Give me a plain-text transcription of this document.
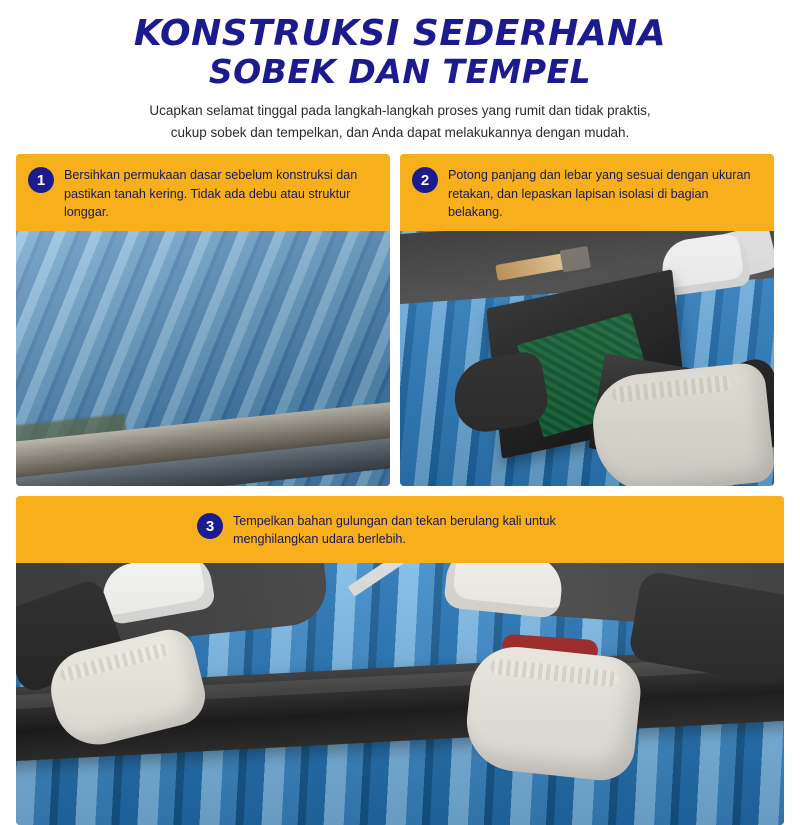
KONSTRUKSI SEDERHANA
SOBEK DAN TEMPEL
Ucapkan selamat tinggal pada langkah-langkah proses yang rumit dan tidak praktis,
cukup sobek dan tempelkan, dan Anda dapat melakukannya dengan mudah.
1	Bersihkan permukaan dasar sebelum konstruksi dan pastikan tanah kering. Tidak ada debu atau struktur longgar.
2	Potong panjang dan lebar yang sesuai dengan ukuran retakan, dan lepaskan lapisan isolasi di bagian belakang.
3	Tempelkan bahan gulungan dan tekan berulang kali untuk menghilangkan udara berlebih.
